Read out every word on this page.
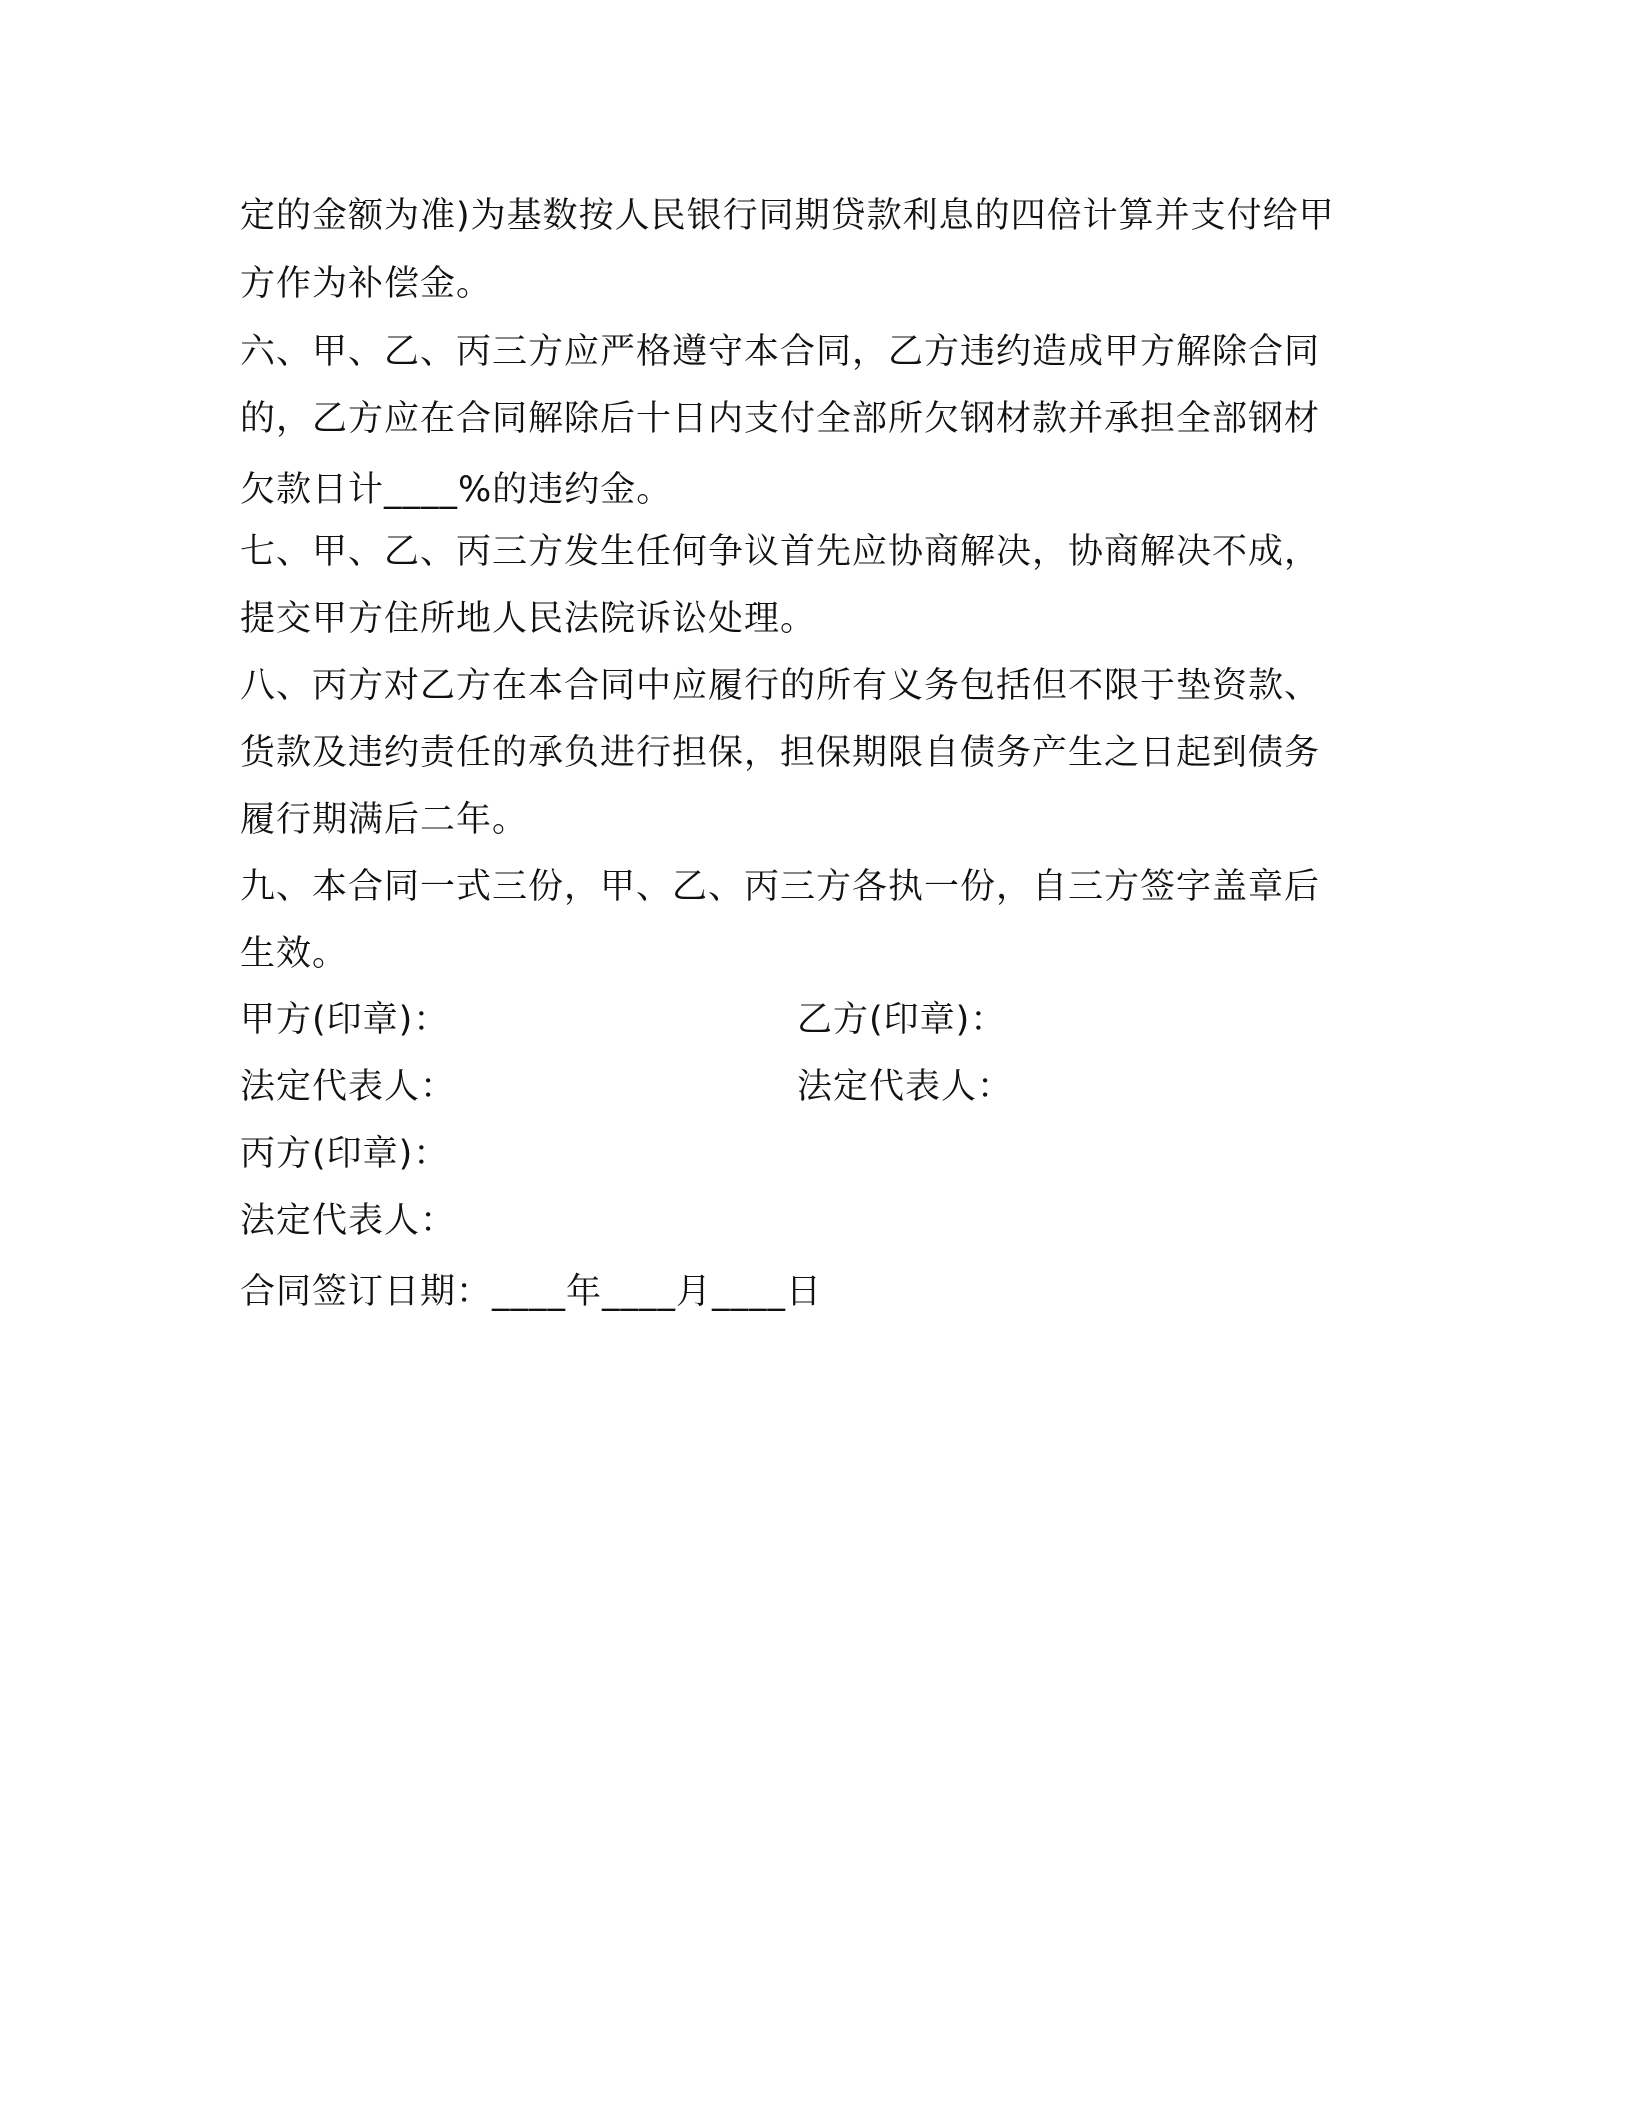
定的金额为准)为基数按人民银行同期贷款利息的四倍计算并支付给甲
方作为补偿金。
六、甲、乙、丙三方应严格遵守本合同，乙方违约造成甲方解除合同
的，乙方应在合同解除后十日内支付全部所欠钢材款并承担全部钢材
欠款日计____%的违约金。
七、甲、乙、丙三方发生任何争议首先应协商解决，协商解决不成，
提交甲方住所地人民法院诉讼处理。
八、丙方对乙方在本合同中应履行的所有义务包括但不限于垫资款、
货款及违约责任的承负进行担保，担保期限自债务产生之日起到债务
履行期满后二年。
九、本合同一式三份，甲、乙、丙三方各执一份，自三方签字盖章后
生效。
甲方(印章)：	乙方(印章)：
法定代表人：	法定代表人：
丙方(印章)：
法定代表人：
合同签订日期：____年____月____日
